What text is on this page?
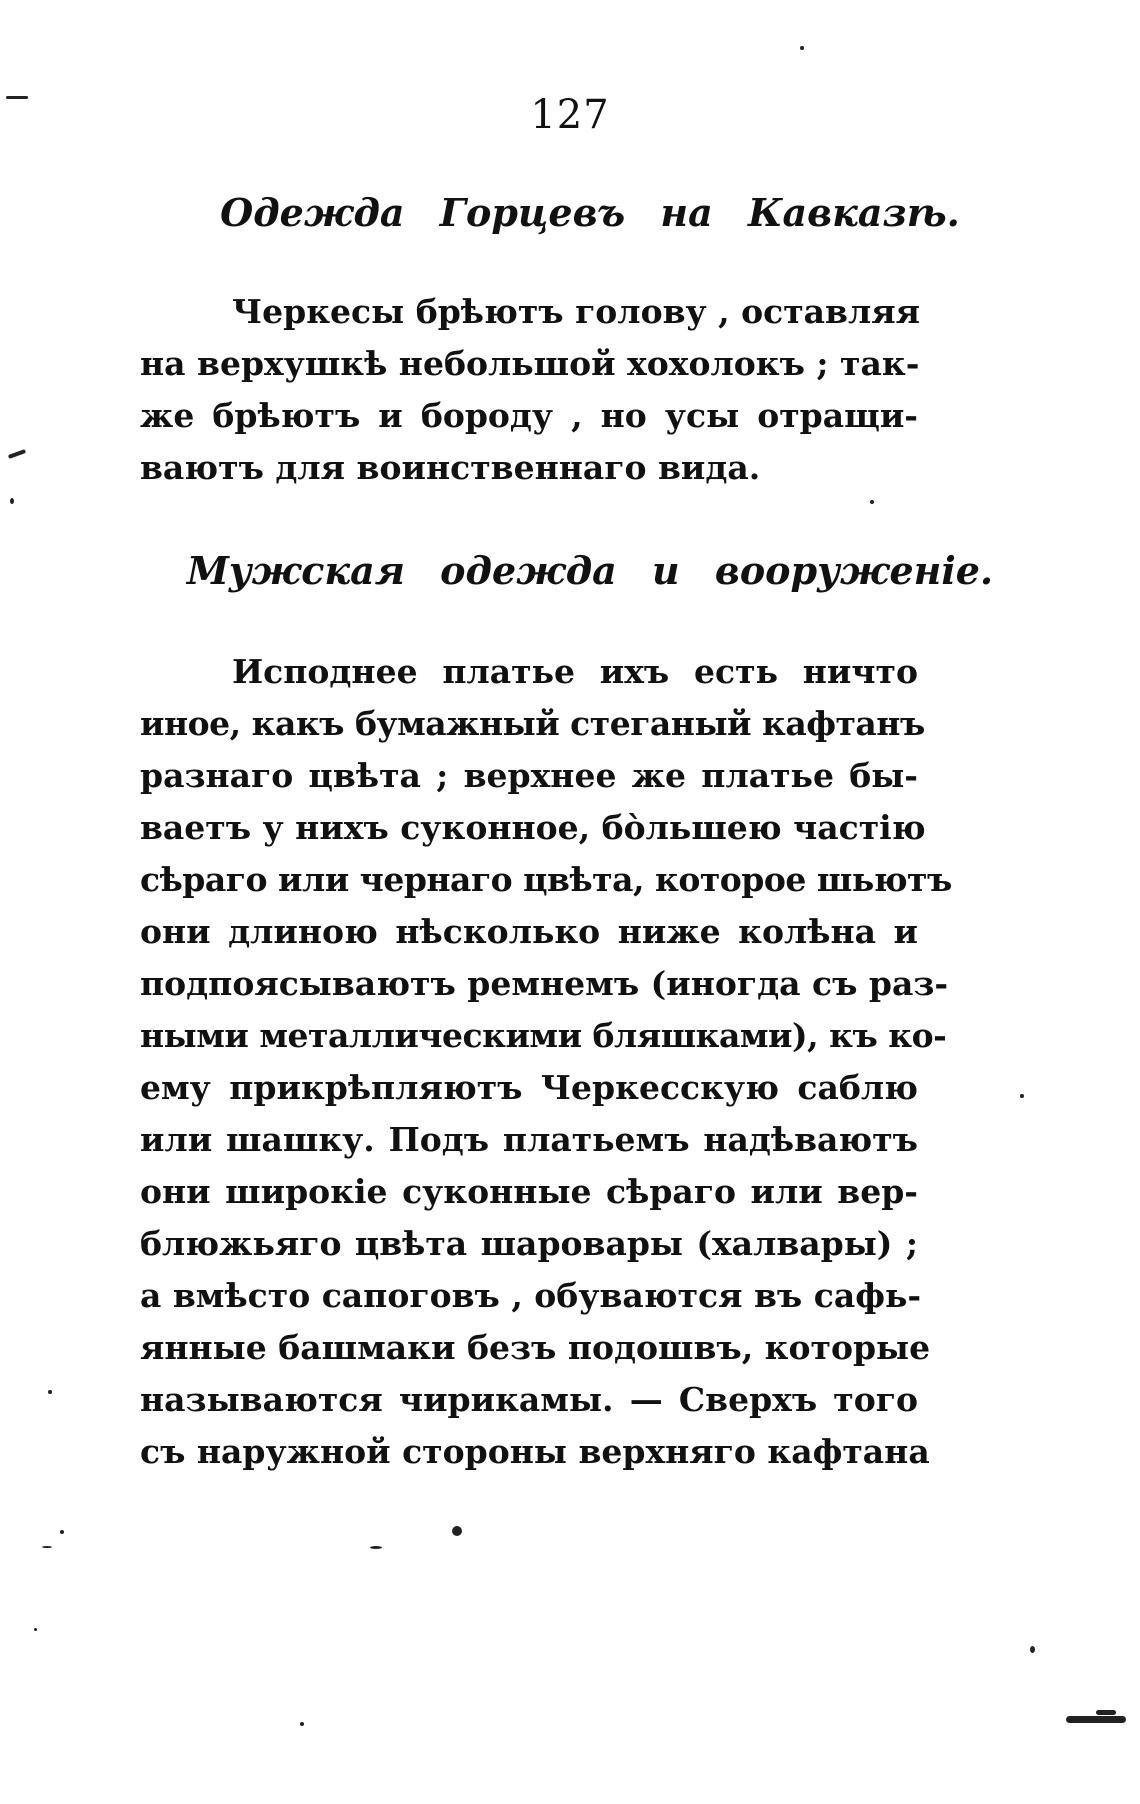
127
Одежда Горцевъ на Кавказѣ.
Черкесы брѣютъ голову , оставляя
на верхушкѣ небольшой хохолокъ ; так-
же брѣютъ и бороду , но усы отращи-
ваютъ для воинственнаго вида.
Мужская одежда и вооруженіе.
Исподнее платье ихъ есть ничто
иное, какъ бумажный стеганый кафтанъ
разнаго цвѣта ; верхнее же платье бы-
ваетъ у нихъ суконное, бо̀льшею частію
сѣраго или чернаго цвѣта, которое шьютъ
они длиною нѣсколько ниже колѣна и
подпоясываютъ ремнемъ (иногда съ раз-
ными металлическими бляшками), къ ко-
ему прикрѣпляютъ Черкесскую саблю
или шашку. Подъ платьемъ надѣваютъ
они широкіе суконные сѣраго или вер-
блюжьяго цвѣта шаровары (халвары) ;
а вмѣсто сапоговъ , обуваются въ сафь-
янные башмаки безъ подошвъ, которые
называются чирикамы. — Сверхъ того
съ наружной стороны верхняго кафтана
